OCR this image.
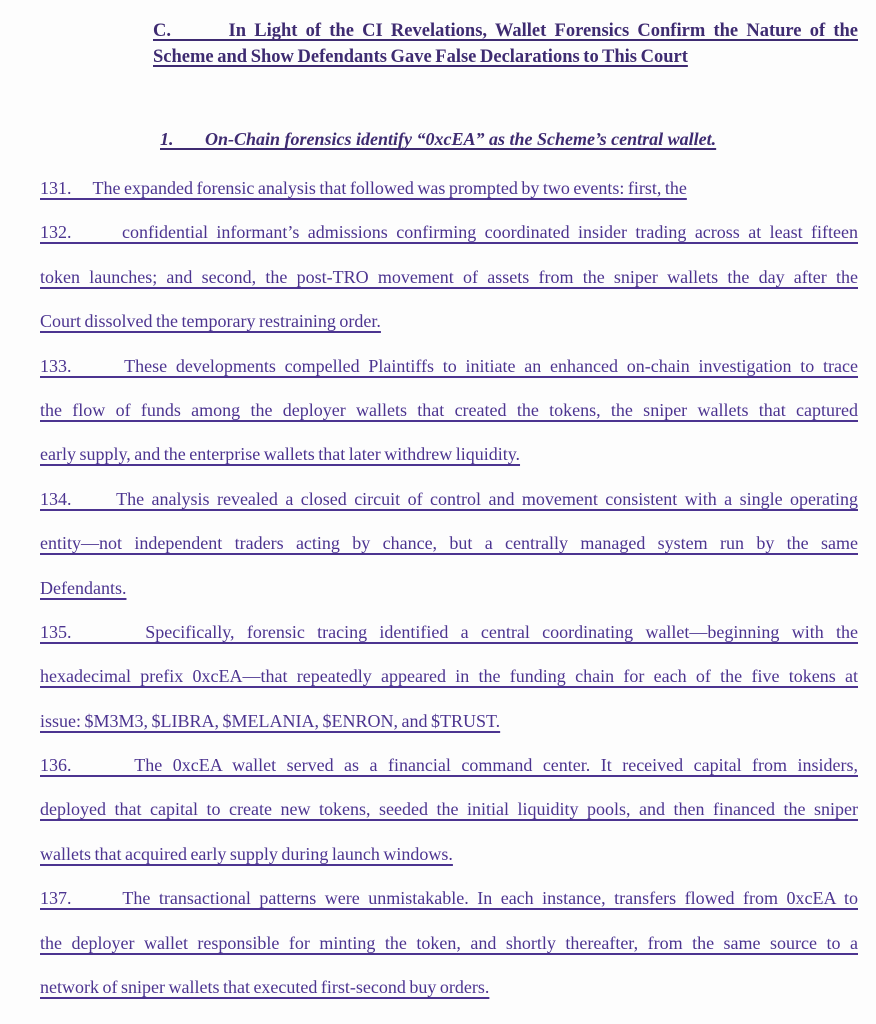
C.       In Light of the CI Revelations, Wallet Forensics Confirm the Nature of the
Scheme and Show Defendants Gave False Declarations to This Court
1.       On-Chain forensics identify “0xcEA” as the Scheme’s central wallet.
131.      The expanded forensic analysis that followed was prompted by two events: first, the
132.      confidential informant’s admissions confirming coordinated insider trading across at least fifteen
token launches; and second, the post-TRO movement of assets from the sniper wallets the day after the
Court dissolved the temporary restraining order.
133.      These developments compelled Plaintiffs to initiate an enhanced on-chain investigation to trace
the flow of funds among the deployer wallets that created the tokens, the sniper wallets that captured
early supply, and the enterprise wallets that later withdrew liquidity.
134.      The analysis revealed a closed circuit of control and movement consistent with a single operating
entity—not independent traders acting by chance, but a centrally managed system run by the same
Defendants.
135.      Specifically, forensic tracing identified a central coordinating wallet—beginning with the
hexadecimal prefix 0xcEA—that repeatedly appeared in the funding chain for each of the five tokens at
issue: $M3M3, $LIBRA, $MELANIA, $ENRON, and $TRUST.
136.      The 0xcEA wallet served as a financial command center. It received capital from insiders,
deployed that capital to create new tokens, seeded the initial liquidity pools, and then financed the sniper
wallets that acquired early supply during launch windows.
137.      The transactional patterns were unmistakable. In each instance, transfers flowed from 0xcEA to
the deployer wallet responsible for minting the token, and shortly thereafter, from the same source to a
network of sniper wallets that executed first-second buy orders.
